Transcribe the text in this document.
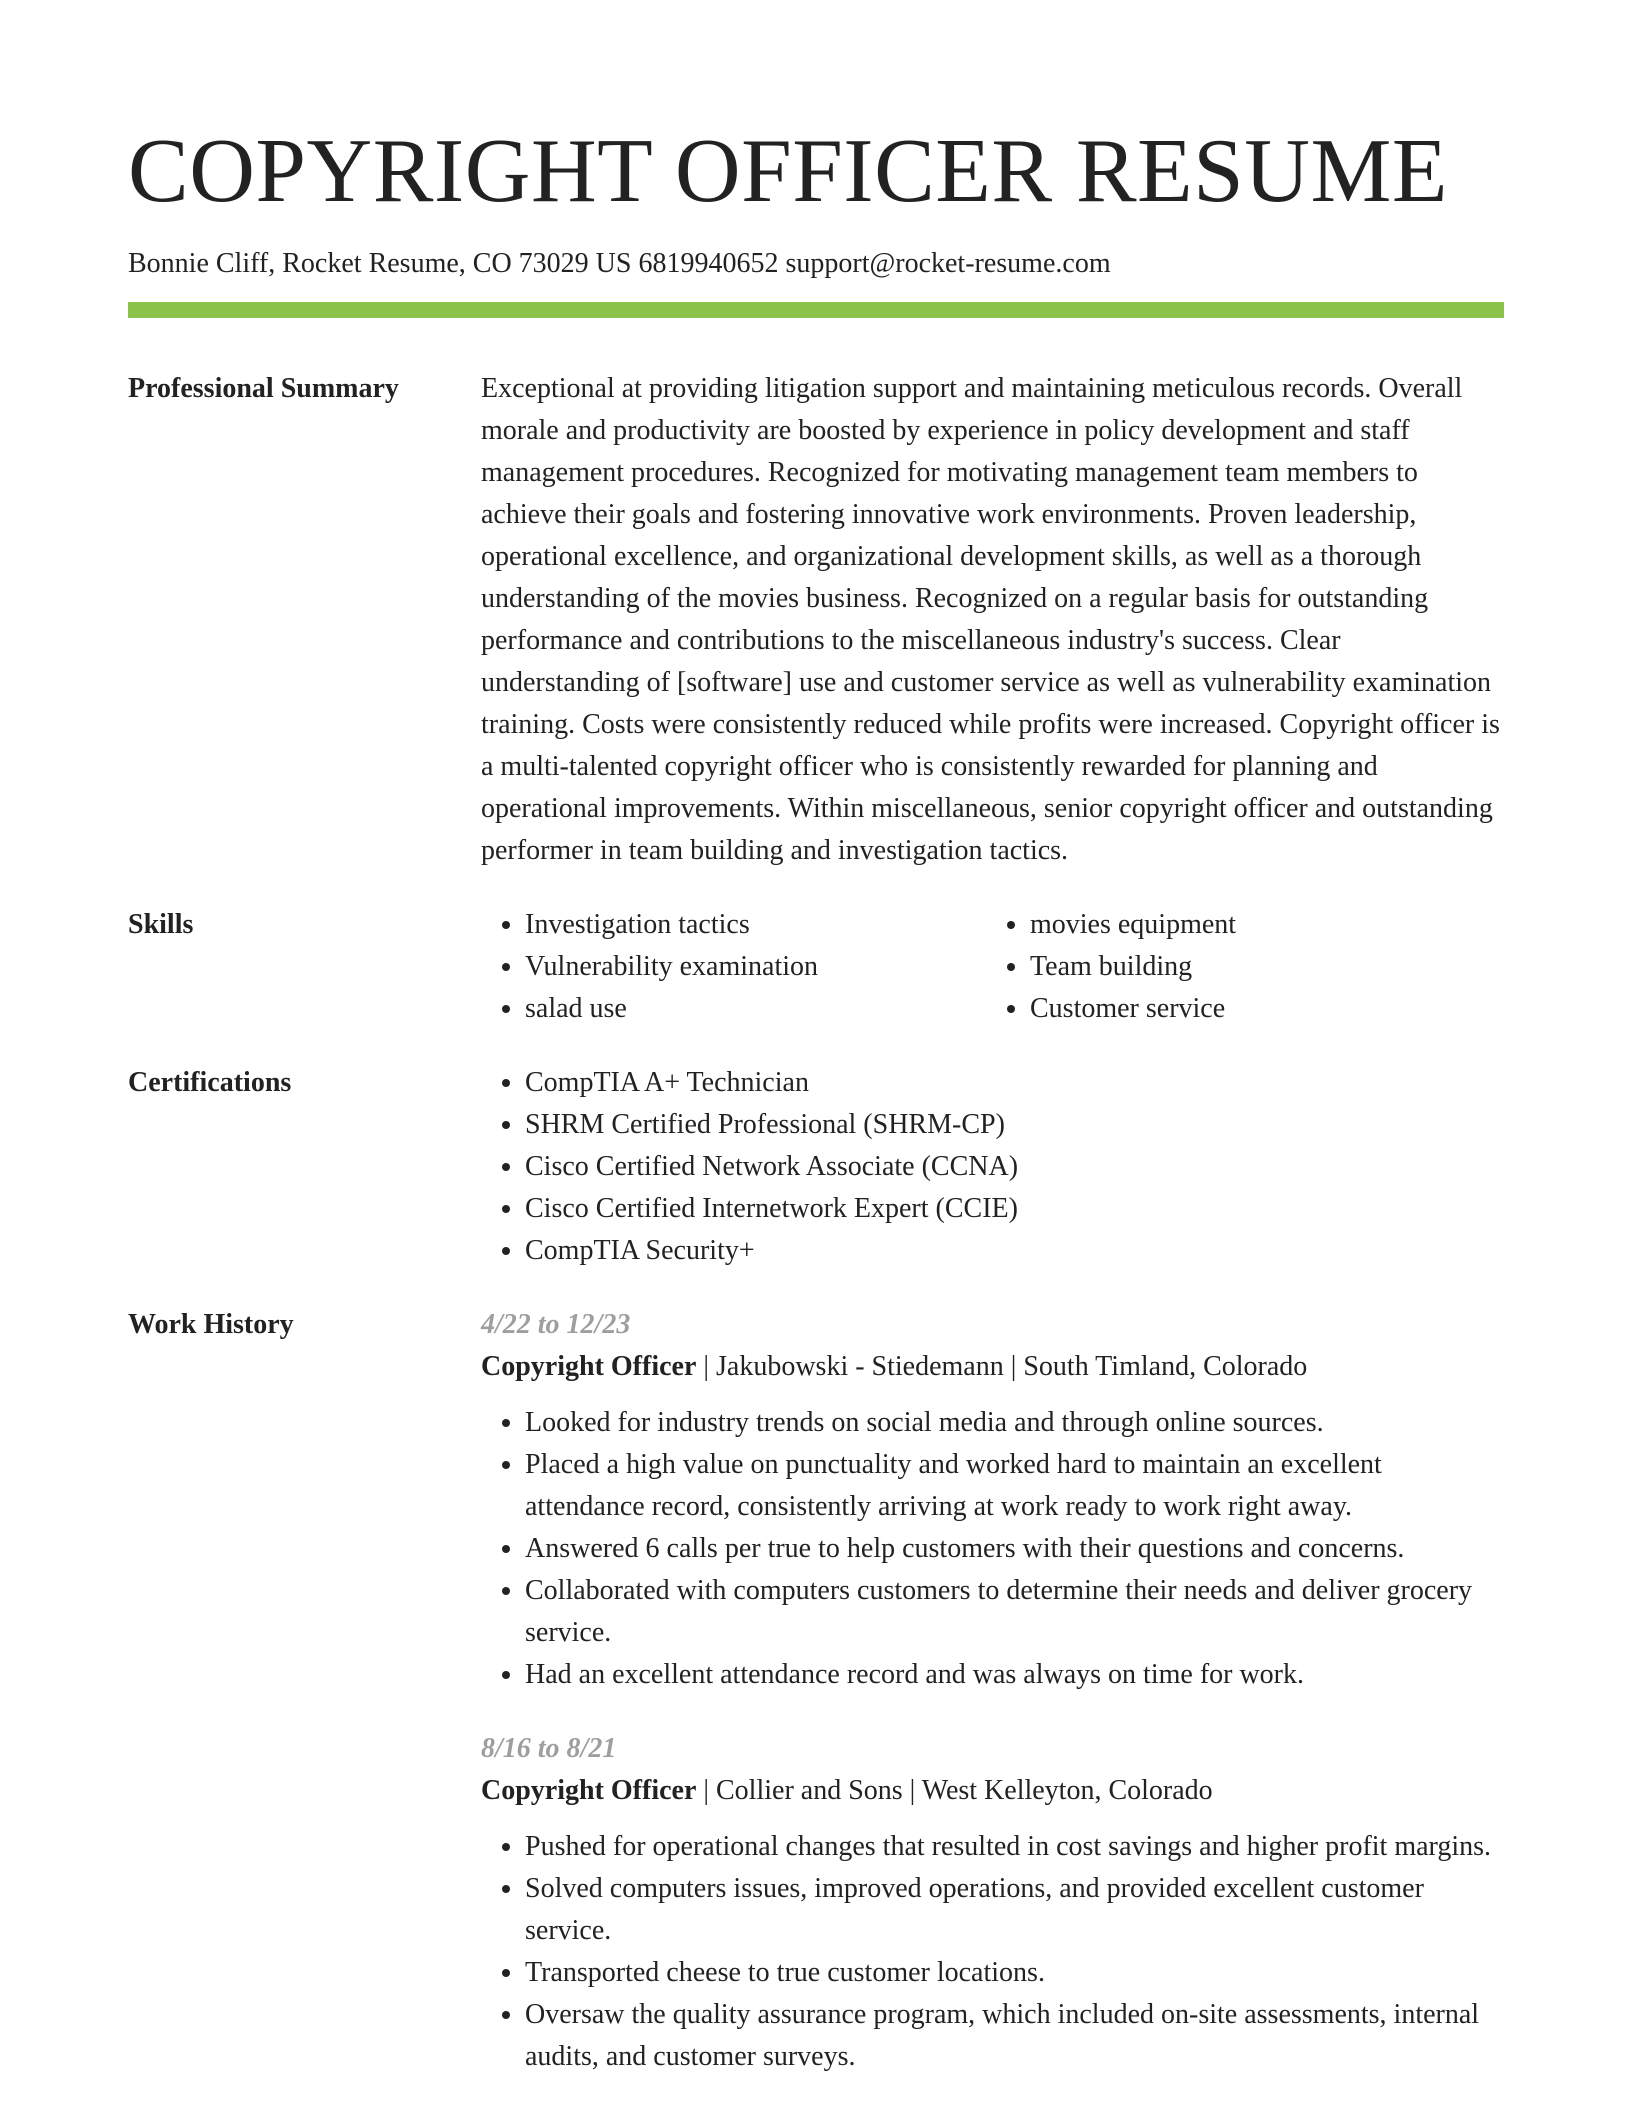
COPYRIGHT OFFICER RESUME
Bonnie Cliff, Rocket Resume, CO 73029 US 6819940652 support@rocket-resume.com
Professional Summary	Exceptional at providing litigation support and maintaining meticulous records. Overall morale and productivity are boosted by experience in policy development and staff management procedures. Recognized for motivating management team members to achieve their goals and fostering innovative work environments. Proven leadership, operational excellence, and organizational development skills, as well as a thorough understanding of the movies business. Recognized on a regular basis for outstanding performance and contributions to the miscellaneous industry's success. Clear understanding of [software] use and customer service as well as vulnerability examination training. Costs were consistently reduced while profits were increased. Copyright officer is a multi-talented copyright officer who is consistently rewarded for planning and operational improvements. Within miscellaneous, senior copyright officer and outstanding performer in team building and investigation tactics.

Skills	• Investigation tactics
• Vulnerability examination
• salad use
• movies equipment
• Team building
• Customer service
Certifications	• CompTIA A+ Technician
• SHRM Certified Professional (SHRM-CP)
• Cisco Certified Network Associate (CCNA)
• Cisco Certified Internetwork Expert (CCIE)
• CompTIA Security+
Work History	4/22 to 12/23
Copyright Officer | Jakubowski - Stiedemann | South Timland, Colorado
• Looked for industry trends on social media and through online sources.
• Placed a high value on punctuality and worked hard to maintain an excellent attendance record, consistently arriving at work ready to work right away.
• Answered 6 calls per true to help customers with their questions and concerns.
• Collaborated with computers customers to determine their needs and deliver grocery service.
• Had an excellent attendance record and was always on time for work.
8/16 to 8/21
Copyright Officer | Collier and Sons | West Kelleyton, Colorado
• Pushed for operational changes that resulted in cost savings and higher profit margins.
• Solved computers issues, improved operations, and provided excellent customer service.
• Transported cheese to true customer locations.
• Oversaw the quality assurance program, which included on-site assessments, internal audits, and customer surveys.
